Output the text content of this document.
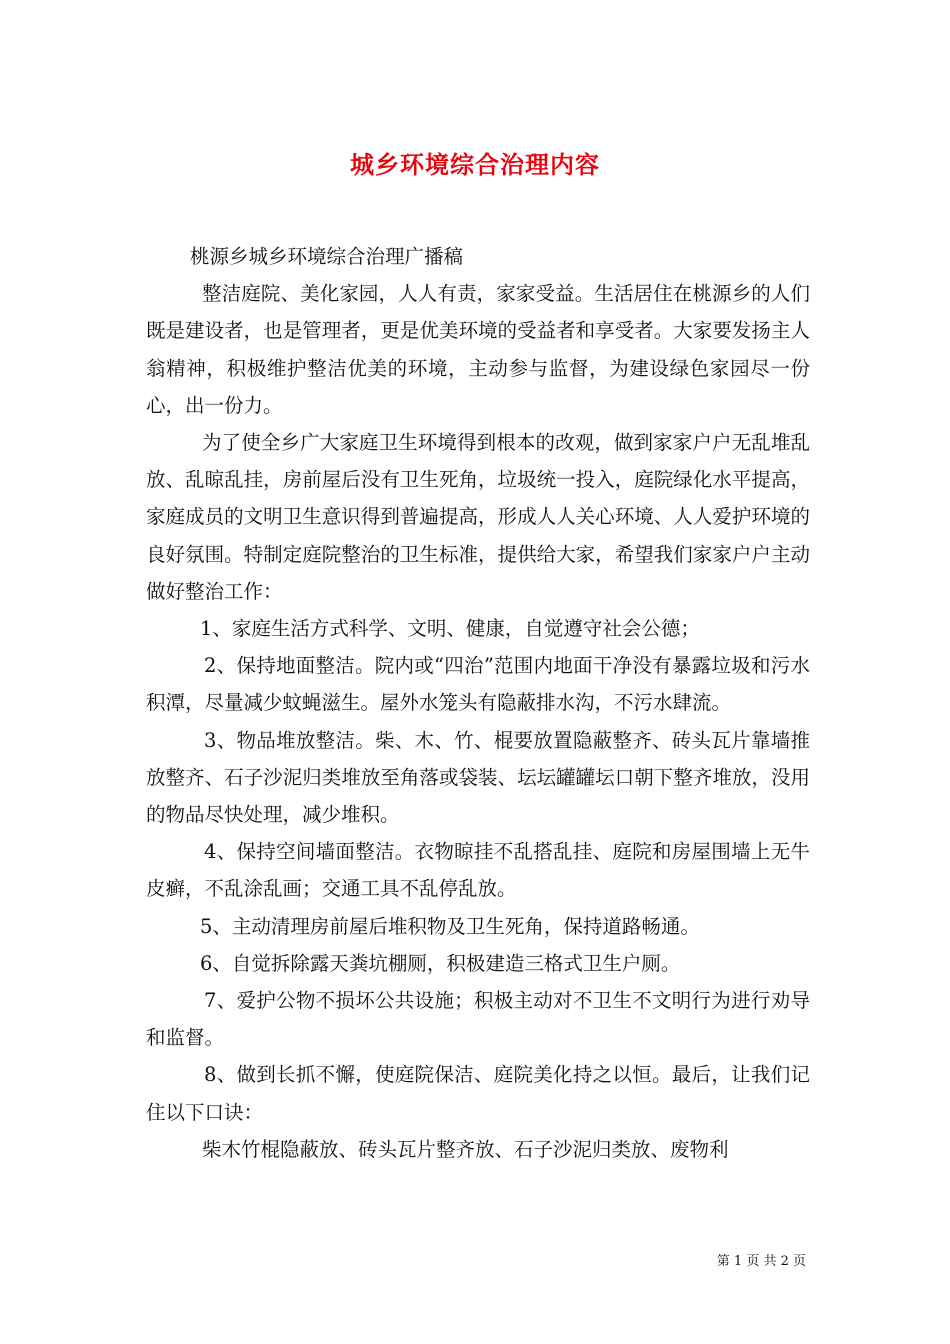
城乡环境综合治理内容

桃源乡城乡环境综合治理广播稿

整洁庭院、美化家园，人人有责，家家受益。生活居住在桃源乡的人们既是建设者，也是管理者，更是优美环境的受益者和享受者。大家要发扬主人翁精神，积极维护整洁优美的环境，主动参与监督，为建设绿色家园尽一份心，出一份力。

为了使全乡广大家庭卫生环境得到根本的改观，做到家家户户无乱堆乱放、乱晾乱挂，房前屋后没有卫生死角，垃圾统一投入，庭院绿化水平提高，家庭成员的文明卫生意识得到普遍提高，形成人人关心环境、人人爱护环境的良好氛围。特制定庭院整治的卫生标准，提供给大家，希望我们家家户户主动做好整治工作：

1、家庭生活方式科学、文明、健康，自觉遵守社会公德；

2、保持地面整洁。院内或“四治”范围内地面干净没有暴露垃圾和污水积潭，尽量减少蚊蝇滋生。屋外水笼头有隐蔽排水沟，不污水肆流。

3、物品堆放整洁。柴、木、竹、棍要放置隐蔽整齐、砖头瓦片靠墙推放整齐、石子沙泥归类堆放至角落或袋装、坛坛罐罐坛口朝下整齐堆放，没用的物品尽快处理，减少堆积。

4、保持空间墙面整洁。衣物晾挂不乱搭乱挂、庭院和房屋围墙上无牛皮癣，不乱涂乱画；交通工具不乱停乱放。

5、主动清理房前屋后堆积物及卫生死角，保持道路畅通。

6、自觉拆除露天粪坑棚厕，积极建造三格式卫生户厕。

7、爱护公物不损坏公共设施；积极主动对不卫生不文明行为进行劝导和监督。

8、做到长抓不懈，使庭院保洁、庭院美化持之以恒。最后，让我们记住以下口诀：

柴木竹棍隐蔽放、砖头瓦片整齐放、石子沙泥归类放、废物利

第 1 页 共 2 页
